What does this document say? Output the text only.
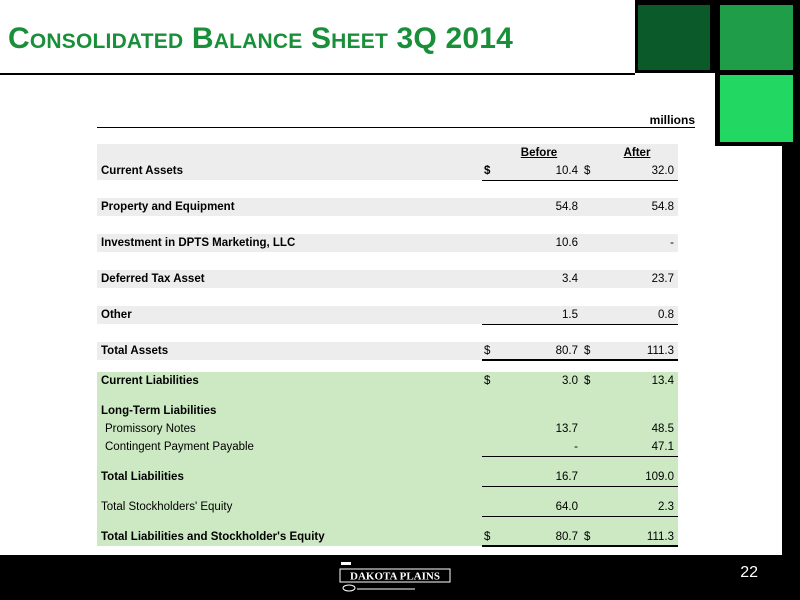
Consolidated Balance Sheet 3Q 2014
millions
		Before		After
Current Assets	$	10.4	$	32.0

Property and Equipment		54.8		54.8

Investment in DPTS Marketing, LLC		10.6		-

Deferred Tax Asset		3.4		23.7

Other		1.5		0.8

Total Assets	$	80.7	$	111.3

Current Liabilities	$	3.0	$	13.4

Long-Term Liabilities				
Promissory Notes		13.7		48.5
Contingent Payment Payable		-		47.1

Total Liabilities		16.7		109.0

Total Stockholders' Equity		64.0		2.3

Total Liabilities and Stockholder's Equity	$	80.7	$	111.3
DAKOTA PLAINS	22
